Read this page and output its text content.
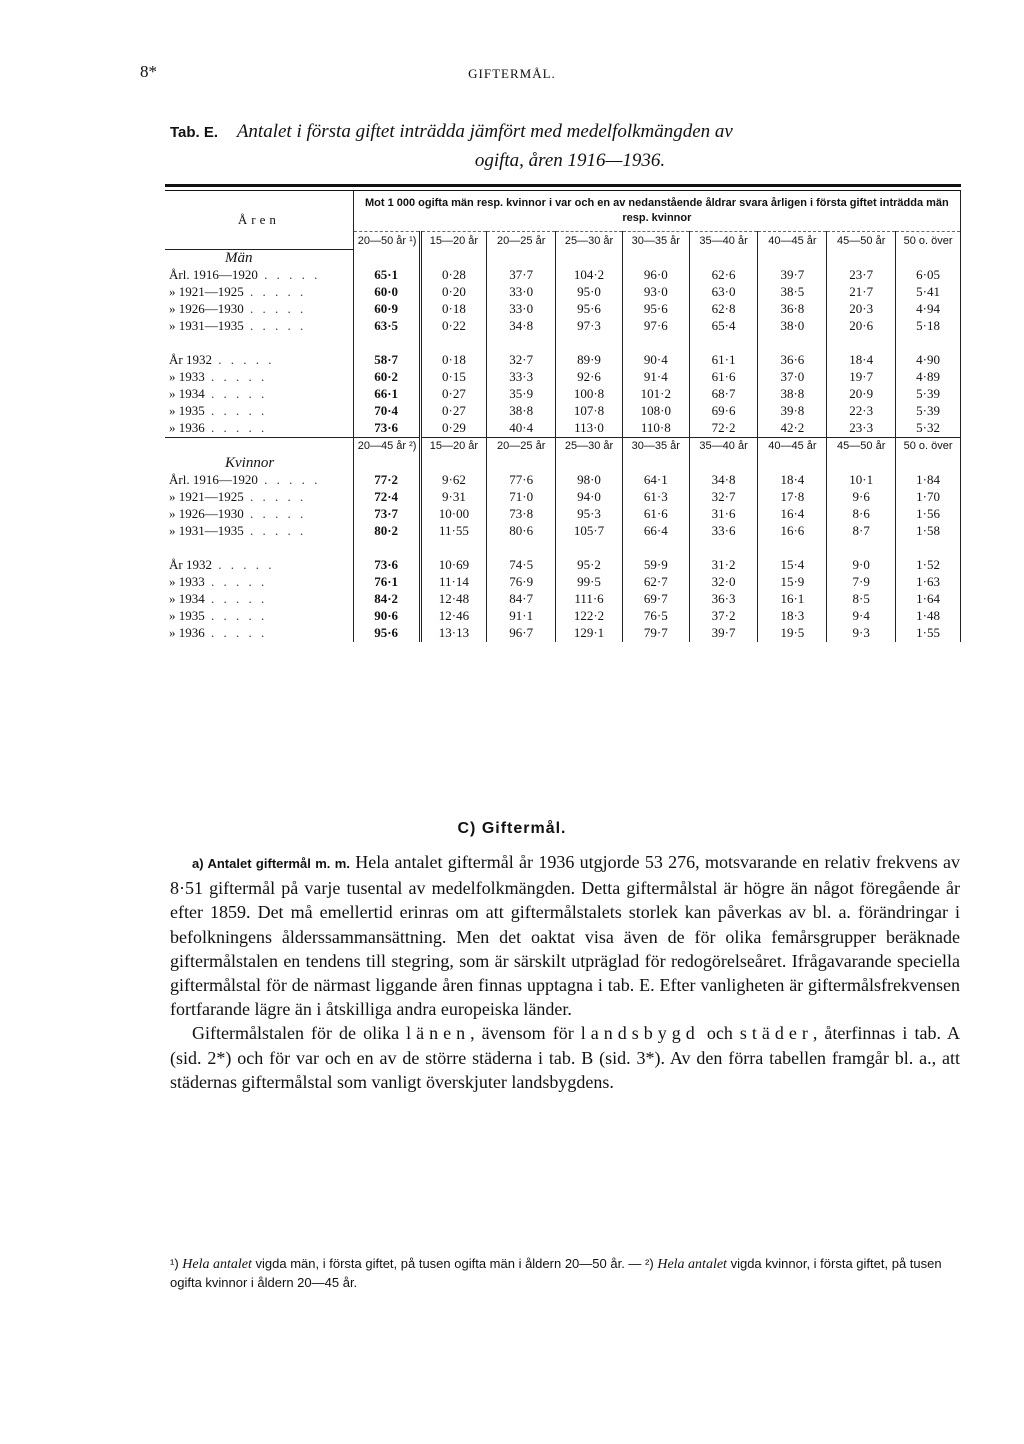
8*	GIFTERMÅL.
Tab. E. Antalet i första giftet inträdda jämfört med medelfolkmängden av
ogifta, åren 1916—1936.
Åren	Mot 1 000 ogifta män resp. kvinnor i var och en av nedanstående åldrar svara årligen i första giftet inträdda män resp. kvinnor								
	20—50 år ¹)	15—20 år	20—25 år	25—30 år	30—35 år	35—40 år	40—45 år	45—50 år	50 o. över
Män									
Årl. 1916—1920 . . . . .	65·1	0·28	37·7	104·2	96·0	62·6	39·7	23·7	6·05
» 1921—1925 . . . . .	60·0	0·20	33·0	95·0	93·0	63·0	38·5	21·7	5·41
» 1926—1930 . . . . .	60·9	0·18	33·0	95·6	95·6	62·8	36·8	20·3	4·94
» 1931—1935 . . . . .	63·5	0·22	34·8	97·3	97·6	65·4	38·0	20·6	5·18

År 1932 . . . . .	58·7	0·18	32·7	89·9	90·4	61·1	36·6	18·4	4·90
» 1933 . . . . .	60·2	0·15	33·3	92·6	91·4	61·6	37·0	19·7	4·89
» 1934 . . . . .	66·1	0·27	35·9	100·8	101·2	68·7	38·8	20·9	5·39
» 1935 . . . . .	70·4	0·27	38·8	107·8	108·0	69·6	39·8	22·3	5·39
» 1936 . . . . .	73·6	0·29	40·4	113·0	110·8	72·2	42·2	23·3	5·32
	20—45 år ²)	15—20 år	20—25 år	25—30 år	30—35 år	35—40 år	40—45 år	45—50 år	50 o. över
Kvinnor									
Årl. 1916—1920 . . . . .	77·2	9·62	77·6	98·0	64·1	34·8	18·4	10·1	1·84
» 1921—1925 . . . . .	72·4	9·31	71·0	94·0	61·3	32·7	17·8	9·6	1·70
» 1926—1930 . . . . .	73·7	10·00	73·8	95·3	61·6	31·6	16·4	8·6	1·56
» 1931—1935 . . . . .	80·2	11·55	80·6	105·7	66·4	33·6	16·6	8·7	1·58

År 1932 . . . . .	73·6	10·69	74·5	95·2	59·9	31·2	15·4	9·0	1·52
» 1933 . . . . .	76·1	11·14	76·9	99·5	62·7	32·0	15·9	7·9	1·63
» 1934 . . . . .	84·2	12·48	84·7	111·6	69·7	36·3	16·1	8·5	1·64
» 1935 . . . . .	90·6	12·46	91·1	122·2	76·5	37·2	18·3	9·4	1·48
» 1936 . . . . .	95·6	13·13	96·7	129·1	79·7	39·7	19·5	9·3	1·55
C) Giftermål.

a) Antalet giftermål m. m. Hela antalet giftermål år 1936 utgjorde 53 276, motsvarande en relativ frekvens av 8·51 giftermål på varje tusental av medelfolkmängden. Detta giftermålstal är högre än något föregående år efter 1859. Det må emellertid erinras om att giftermålstalets storlek kan påverkas av bl. a. förändringar i befolkningens ålderssammansättning. Men det oaktat visa även de för olika femårsgrupper beräknade giftermålstalen en tendens till stegring, som är särskilt utpräglad för redogörelseåret. Ifrågavarande speciella giftermålstal för de närmast liggande åren finnas upptagna i tab. E. Efter vanligheten är giftermålsfrekvensen fortfarande lägre än i åtskilliga andra europeiska länder.

Giftermålstalen för de olika länen, ävensom för landsbygd och städer, återfinnas i tab. A (sid. 2*) och för var och en av de större städerna i tab. B (sid. 3*). Av den förra tabellen framgår bl. a., att städernas giftermålstal som vanligt överskjuter landsbygdens.

¹) Hela antalet vigda män, i första giftet, på tusen ogifta män i åldern 20—50 år. — ²) Hela antalet vigda kvinnor, i första giftet, på tusen ogifta kvinnor i åldern 20—45 år.
